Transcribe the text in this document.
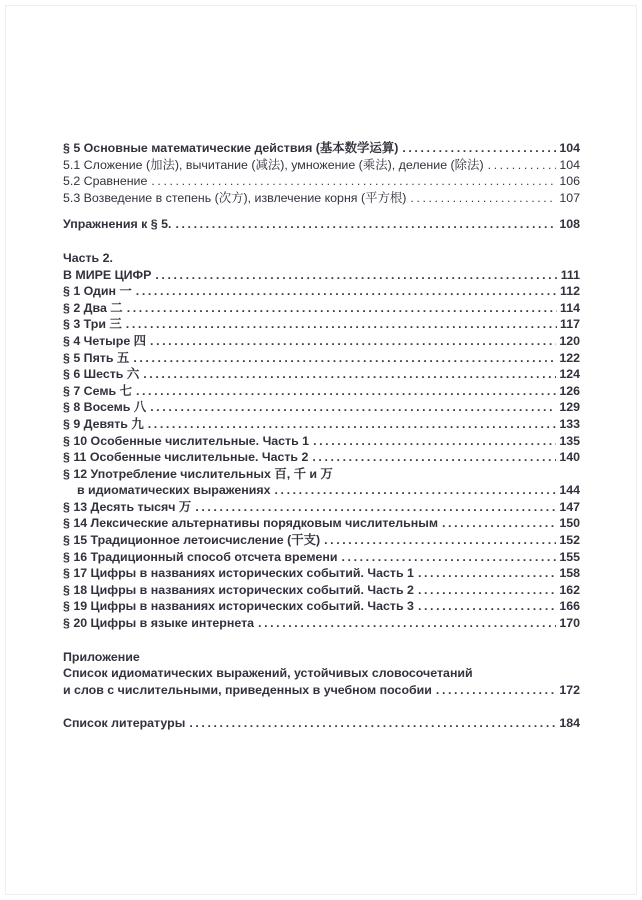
§ 5 Основные математические действия (基本数学运算) .....	104
5.1 Сложение (加法), вычитание (减法), умножение (乘法), деление (除法) .....	104
5.2 Сравнение .....	106
5.3 Возведение в степень (次方), извлечение корня (平方根) .....	107
Упражнения к § 5. .....	108
Часть 2.
В МИРЕ ЦИФР .....	111
§ 1 Один 一 .....	112
§ 2 Два 二 .....	114
§ 3 Три 三 .....	117
§ 4 Четыре 四 .....	120
§ 5 Пять 五 .....	122
§ 6 Шесть 六 .....	124
§ 7 Семь 七 .....	126
§ 8 Восемь 八 .....	129
§ 9 Девять 九 .....	133
§ 10 Особенные числительные. Часть 1 .....	135
§ 11 Особенные числительные. Часть 2 .....	140
§ 12 Употребление числительных 百, 千 и 万
в идиоматических выражениях .....	144
§ 13 Десять тысяч 万 .....	147
§ 14 Лексические альтернативы порядковым числительным .....	150
§ 15 Традиционное летоисчисление (干支) .....	152
§ 16 Традиционный способ отсчета времени .....	155
§ 17 Цифры в названиях исторических событий. Часть 1 .....	158
§ 18 Цифры в названиях исторических событий. Часть 2 .....	162
§ 19 Цифры в названиях исторических событий. Часть 3 .....	166
§ 20 Цифры в языке интернета .....	170
Приложение
Список идиоматических выражений, устойчивых словосочетаний
и слов с числительными, приведенных в учебном пособии .....	172
Список литературы .....	184
